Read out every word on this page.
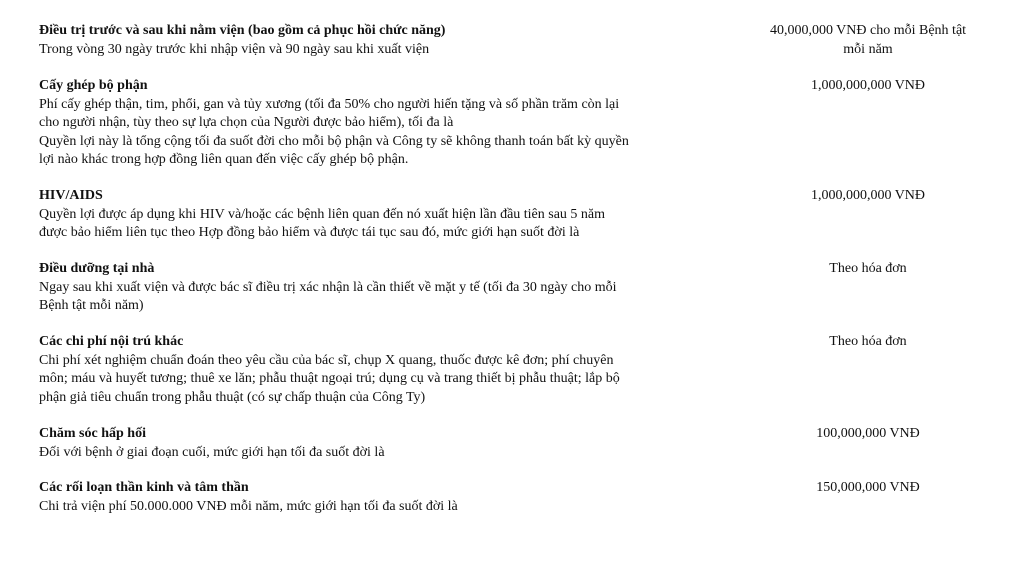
Điều trị trước và sau khi nằm viện (bao gồm cả phục hồi chức năng)
Trong vòng 30 ngày trước khi nhập viện và 90 ngày sau khi xuất viện
40,000,000 VNĐ cho mỗi Bệnh tật
mỗi năm
Cấy ghép bộ phận
Phí cấy ghép thận, tim, phổi, gan và tủy xương (tối đa 50% cho người hiến tặng và số phần trăm còn lại
cho người nhận, tùy theo sự lựa chọn của Người được bảo hiểm), tối đa là
Quyền lợi này là tổng cộng tối đa suốt đời cho mỗi bộ phận và Công ty sẽ không thanh toán bất kỳ quyền
lợi nào khác trong hợp đồng liên quan đến việc cấy ghép bộ phận.
1,000,000,000 VNĐ
HIV/AIDS
Quyền lợi được áp dụng khi HIV và/hoặc các bệnh liên quan đến nó xuất hiện lần đầu tiên sau 5 năm
được bảo hiểm liên tục theo Hợp đồng bảo hiểm và được tái tục sau đó, mức giới hạn suốt đời là
1,000,000,000 VNĐ
Điều dưỡng tại nhà
Ngay sau khi xuất viện và được bác sĩ điều trị xác nhận là cần thiết về mặt y tế (tối đa 30 ngày cho mỗi
Bệnh tật mỗi năm)
Theo hóa đơn
Các chi phí nội trú khác
Chi phí xét nghiệm chuẩn đoán theo yêu cầu của bác sĩ, chụp X quang, thuốc được kê đơn; phí chuyên
môn; máu và huyết tương; thuê xe lăn; phẫu thuật ngoại trú; dụng cụ và trang thiết bị phẫu thuật; lắp bộ
phận giả tiêu chuẩn trong phẫu thuật (có sự chấp thuận của Công Ty)
Theo hóa đơn
Chăm sóc hấp hối
Đối với bệnh ở giai đoạn cuối, mức giới hạn tối đa suốt đời là
100,000,000 VNĐ
Các rối loạn thần kinh và tâm thần
Chi trả viện phí 50.000.000 VNĐ mỗi năm, mức giới hạn tối đa suốt đời là
150,000,000 VNĐ
